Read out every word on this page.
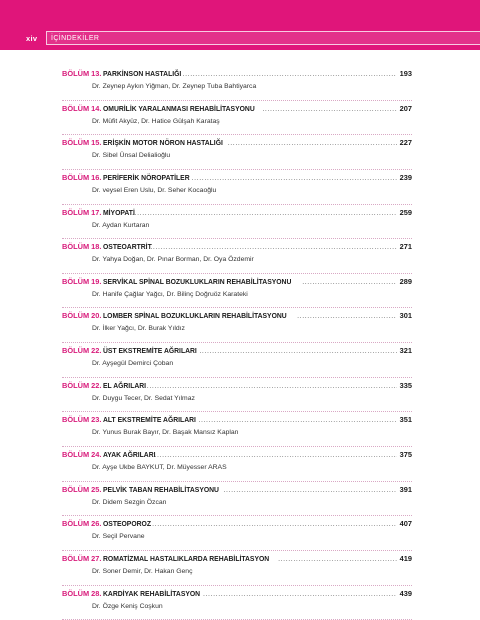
xiv	İÇİNDEKİLER
BÖLÜM 13. PARKİNSON HASTALIĞI .....	193
Dr. Zeynep Aykın Yiğman, Dr. Zeynep Tuba Bahtiyarca
BÖLÜM 14. OMURİLİK YARALANMASI REHABİLİTASYONU .....	207
Dr. Müfit Akyüz, Dr. Hatice Gülşah Karataş
BÖLÜM 15. ERİŞKİN MOTOR NÖRON HASTALIĞI .....	227
Dr. Sibel Ünsal Delialioğlu
BÖLÜM 16. PERİFERİK NÖROPATİLER .....	239
Dr. veysel Eren Uslu, Dr. Seher Kocaoğlu
BÖLÜM 17. MİYOPATİ .....	259
Dr. Aydan Kurtaran
BÖLÜM 18. OSTEOARTRİT .....	271
Dr. Yahya Doğan, Dr. Pınar Borman, Dr. Oya Özdemir
BÖLÜM 19. SERVİKAL SPİNAL BOZUKLUKLARIN REHABİLİTASYONU .....	289
Dr. Hanife Çağlar Yağcı, Dr. Bilinç Doğruöz Karateki
BÖLÜM 20. LOMBER SPİNAL BOZUKLUKLARIN REHABİLİTASYONU .....	301
Dr. İlker Yağcı, Dr. Burak Yıldız
BÖLÜM 22. ÜST EKSTREMİTE AĞRILARI .....	321
Dr. Ayşegül Demirci Çoban
BÖLÜM 22. EL AĞRILARI .....	335
Dr. Duygu Tecer, Dr. Sedat Yılmaz
BÖLÜM 23. ALT EKSTREMİTE AĞRILARI .....	351
Dr. Yunus Burak Bayır, Dr. Başak Mansız Kaplan
BÖLÜM 24. AYAK AĞRILARI .....	375
Dr. Ayşe Ukbe BAYKUT, Dr. Müyesser ARAS
BÖLÜM 25. PELVİK TABAN REHABİLİTASYONU .....	391
Dr. Didem Sezgin Özcan
BÖLÜM 26. OSTEOPOROZ .....	407
Dr. Seçil Pervane
BÖLÜM 27. ROMATİZMAL HASTALIKLARDA REHABİLİTASYON .....	419
Dr. Soner Demir, Dr. Hakan Genç
BÖLÜM 28. KARDİYAK REHABİLİTASYON .....	439
Dr. Özge Keniş Coşkun
